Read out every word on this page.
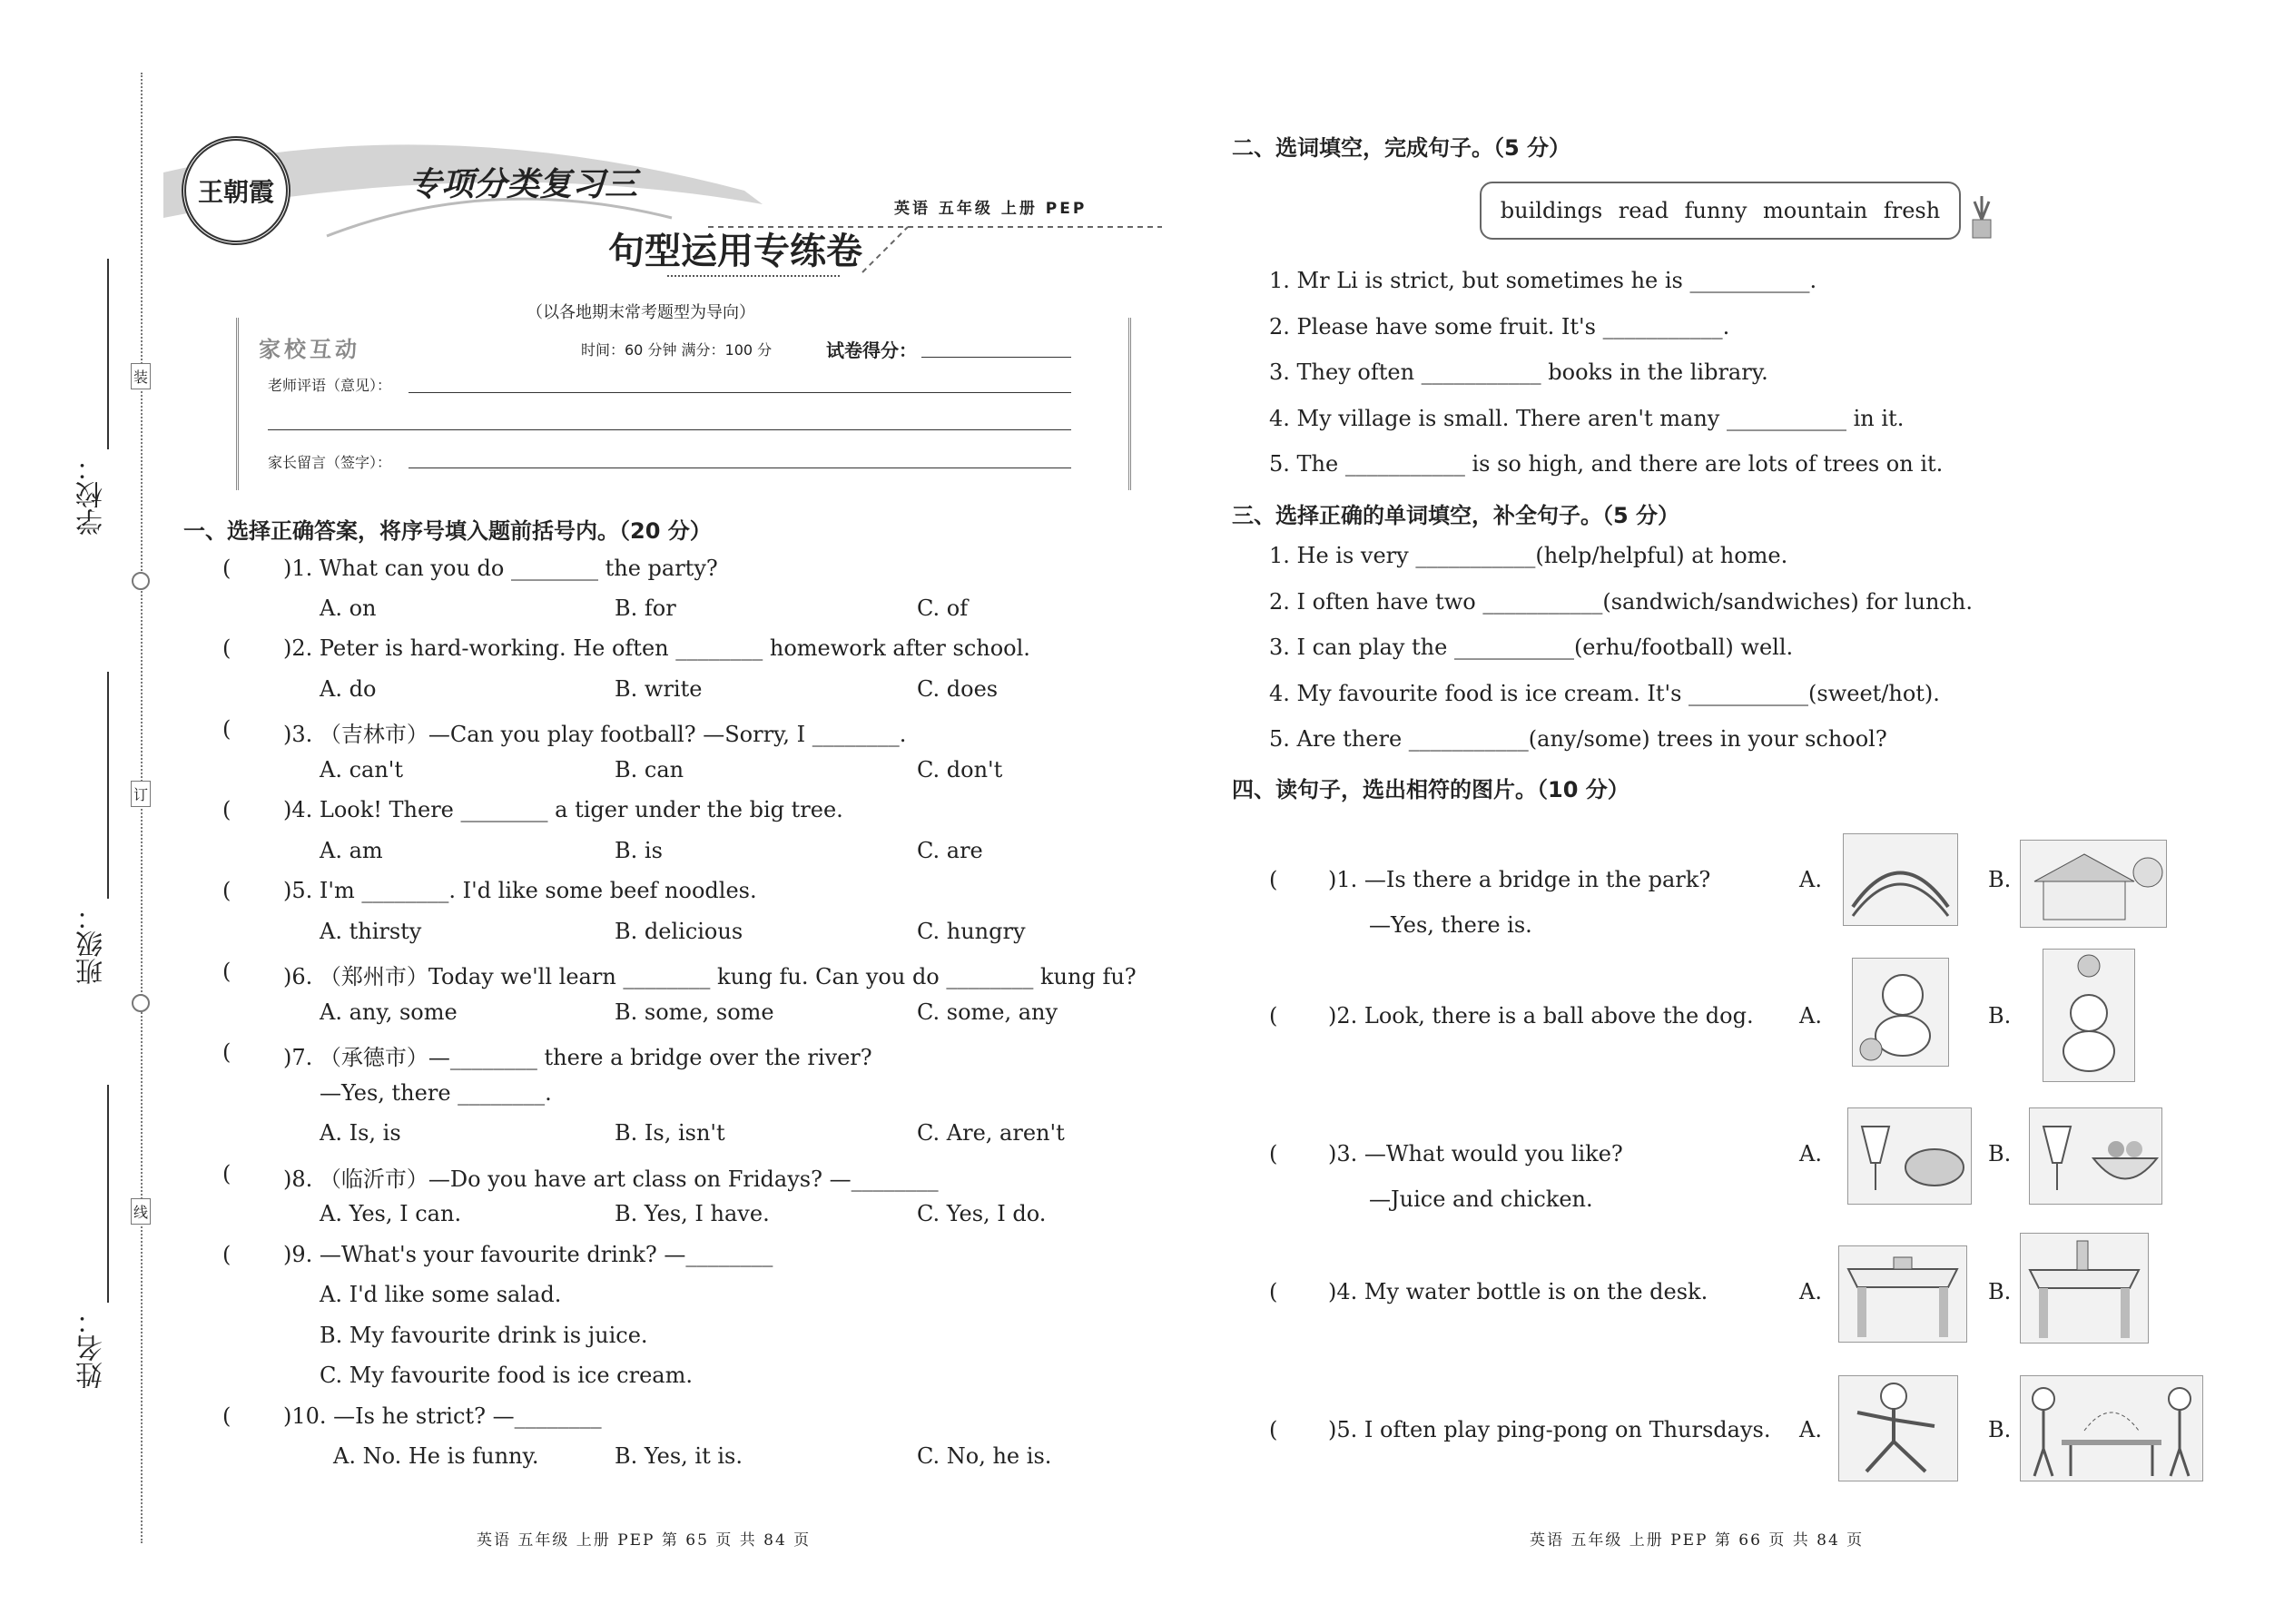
学校：
班级：
姓名：
装
订
线
王朝霞	专项分类复习三
英语 五年级 上册 PEP
句型运用专练卷
（以各地期末常考题型为导向）
家校互动	时间：60 分钟 满分：100 分	试卷得分：
老师评语（意见）：
家长留言（签字）：
一、选择正确答案，将序号填入题前括号内。（20 分）
( )1. What can you do ________ the party?
A. on	B. for	C. of
( )2. Peter is hard-working. He often ________ homework after school.
A. do	B. write	C. does
( )3. （吉林市）—Can you play football? —Sorry, I ________.
A. can't	B. can	C. don't
( )4. Look! There ________ a tiger under the big tree.
A. am	B. is	C. are
( )5. I'm ________. I'd like some beef noodles.
A. thirsty	B. delicious	C. hungry
( )6. （郑州市）Today we'll learn ________ kung fu. Can you do ________ kung fu?
A. any, some	B. some, some	C. some, any
( )7. （承德市）—________ there a bridge over the river?
—Yes, there ________.
A. Is, is	B. Is, isn't	C. Are, aren't
( )8. （临沂市）—Do you have art class on Fridays? —________
A. Yes, I can.	B. Yes, I have.	C. Yes, I do.
( )9. —What's your favourite drink? —________
A. I'd like some salad.
B. My favourite drink is juice.
C. My favourite food is ice cream.
( )10. —Is he strict? —________
A. No. He is funny.	B. Yes, it is.	C. No, he is.
英语 五年级 上册 PEP 第 65 页 共 84 页
二、选词填空，完成句子。（5 分）
buildings read funny mountain fresh
1. Mr Li is strict, but sometimes he is ___________.
2. Please have some fruit. It's ___________.
3. They often ___________ books in the library.
4. My village is small. There aren't many ___________ in it.
5. The ___________ is so high, and there are lots of trees on it.
三、选择正确的单词填空，补全句子。（5 分）
1. He is very ___________(help/helpful) at home.
2. I often have two ___________(sandwich/sandwiches) for lunch.
3. I can play the ___________(erhu/football) well.
4. My favourite food is ice cream. It's ___________(sweet/hot).
5. Are there ___________(any/some) trees in your school?
四、读句子，选出相符的图片。（10 分）
( )1. —Is there a bridge in the park?
—Yes, there is.
A.	B.
( )2. Look, there is a ball above the dog. A.	B.
( )3. —What would you like?
—Juice and chicken.
A.	B.
( )4. My water bottle is on the desk.	A.	B.
( )5. I often play ping-pong on Thursdays. A.	B.
英语 五年级 上册 PEP 第 66 页 共 84 页
